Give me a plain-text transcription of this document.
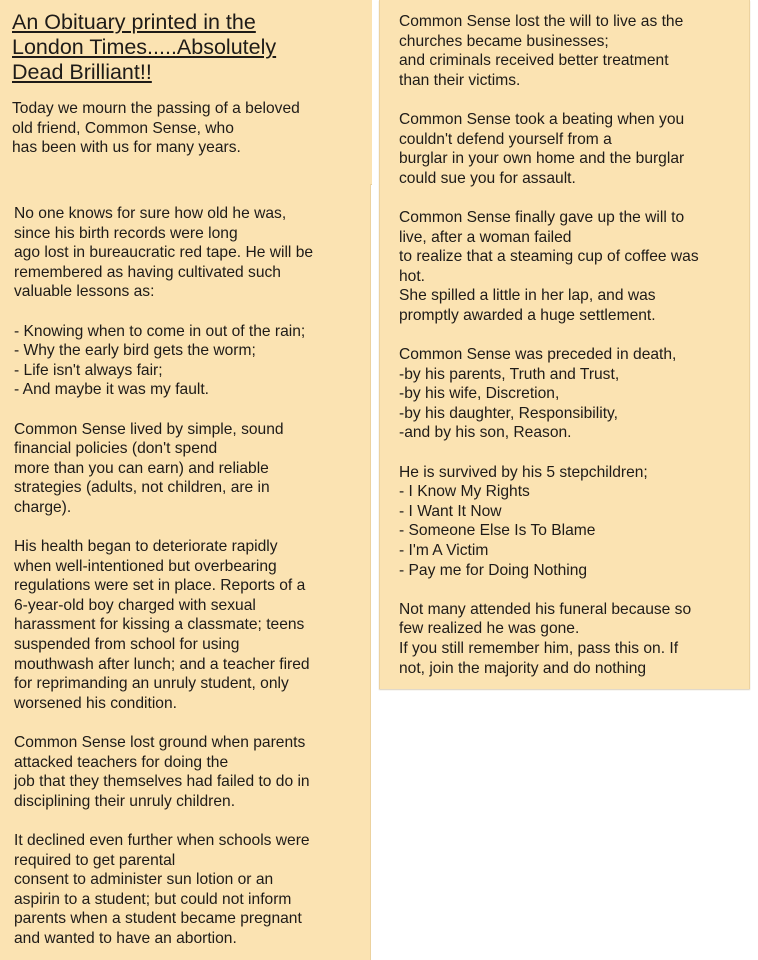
An Obituary printed in the London Times.....Absolutely Dead Brilliant!!

Today we mourn the passing of a beloved
old friend, Common Sense, who
has been with us for many years.

No one knows for sure how old he was,
since his birth records were long
ago lost in bureaucratic red tape. He will be
remembered as having cultivated such
valuable lessons as:

- Knowing when to come in out of the rain;
- Why the early bird gets the worm;
- Life isn't always fair;
- And maybe it was my fault.

Common Sense lived by simple, sound
financial policies (don't spend
more than you can earn) and reliable
strategies (adults, not children, are in
charge).

His health began to deteriorate rapidly
when well-intentioned but overbearing
regulations were set in place. Reports of a
6-year-old boy charged with sexual
harassment for kissing a classmate; teens
suspended from school for using
mouthwash after lunch; and a teacher fired
for reprimanding an unruly student, only
worsened his condition.

Common Sense lost ground when parents
attacked teachers for doing the
job that they themselves had failed to do in
disciplining their unruly children.

It declined even further when schools were
required to get parental
consent to administer sun lotion or an
aspirin to a student; but could not inform
parents when a student became pregnant
and wanted to have an abortion.

Common Sense lost the will to live as the
churches became businesses;
and criminals received better treatment
than their victims.

Common Sense took a beating when you
couldn't defend yourself from a
burglar in your own home and the burglar
could sue you for assault.

Common Sense finally gave up the will to
live, after a woman failed
to realize that a steaming cup of coffee was
hot.
She spilled a little in her lap, and was
promptly awarded a huge settlement.

Common Sense was preceded in death,
-by his parents, Truth and Trust,
-by his wife, Discretion,
-by his daughter, Responsibility,
-and by his son, Reason.

He is survived by his 5 stepchildren;
- I Know My Rights
- I Want It Now
- Someone Else Is To Blame
- I'm A Victim
- Pay me for Doing Nothing

Not many attended his funeral because so
few realized he was gone.
If you still remember him, pass this on. If
not, join the majority and do nothing
